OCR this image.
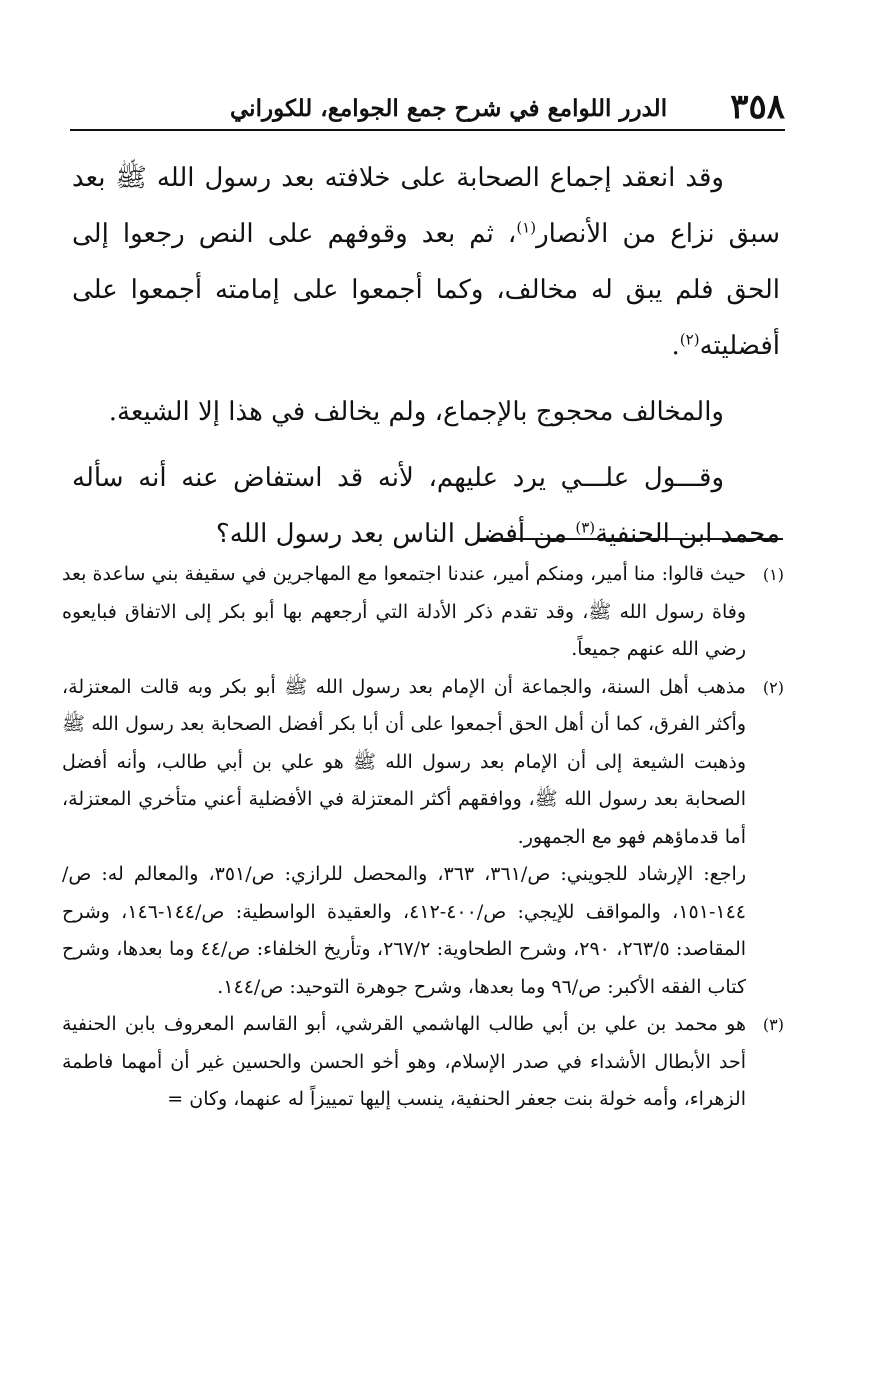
٣٥٨
الدرر اللوامع في شرح جمع الجوامع، للكوراني

وقد انعقد إجماع الصحابة على خلافته بعد رسول الله ﷺ بعد سبق نزاع من الأنصار$^{(١)}$، ثم بعد وقوفهم على النص رجعوا إلى الحق فلم يبق له مخالف، وكما أجمعوا على إمامته أجمعوا على أفضليته$^{(٢)}$.

والمخالف محجوج بالإجماع، ولم يخالف في هذا إلا الشيعة.

وقـــول علـــي يرد عليهم، لأنه قد استفاض عنه أنه سأله محمد ابن الحنفية$^{(٣)}$ من أفضل الناس بعد رسول الله؟

(١)

حيث قالوا: منا أمير، ومنكم أمير، عندنا اجتمعوا مع المهاجرين في سقيفة بني ساعدة بعد وفاة رسول الله ﷺ، وقد تقدم ذكر الأدلة التي أرجعهم بها أبو بكر إلى الاتفاق فبايعوه رضي الله عنهم جميعاً.

(٢)

مذهب أهل السنة، والجماعة أن الإمام بعد رسول الله ﷺ أبو بكر وبه قالت المعتزلة، وأكثر الفرق، كما أن أهل الحق أجمعوا على أن أبا بكر أفضل الصحابة بعد رسول الله ﷺ وذهبت الشيعة إلى أن الإمام بعد رسول الله ﷺ هو علي بن أبي طالب، وأنه أفضل الصحابة بعد رسول الله ﷺ، ووافقهم أكثر المعتزلة في الأفضلية أعني متأخري المعتزلة، أما قدماؤهم فهو مع الجمهور.

راجع: الإرشاد للجويني: ص/٣٦١، ٣٦٣، والمحصل للرازي: ص/٣٥١، والمعالم له: ص/١٤٤-١٥١، والمواقف للإيجي: ص/٤٠٠-٤١٢، والعقيدة الواسطية: ص/١٤٤-١٤٦، وشرح المقاصد: ٢٦٣/٥، ٢٩٠، وشرح الطحاوية: ٢٦٧/٢، وتأريخ الخلفاء: ص/٤٤ وما بعدها، وشرح كتاب الفقه الأكبر: ص/٩٦ وما بعدها، وشرح جوهرة التوحيد: ص/١٤٤.

(٣)

هو محمد بن علي بن أبي طالب الهاشمي القرشي، أبو القاسم المعروف بابن الحنفية أحد الأبطال الأشداء في صدر الإسلام، وهو أخو الحسن والحسين غير أن أمهما فاطمة الزهراء، وأمه خولة بنت جعفر الحنفية، ينسب إليها تمييزاً له عنهما، وكان =
